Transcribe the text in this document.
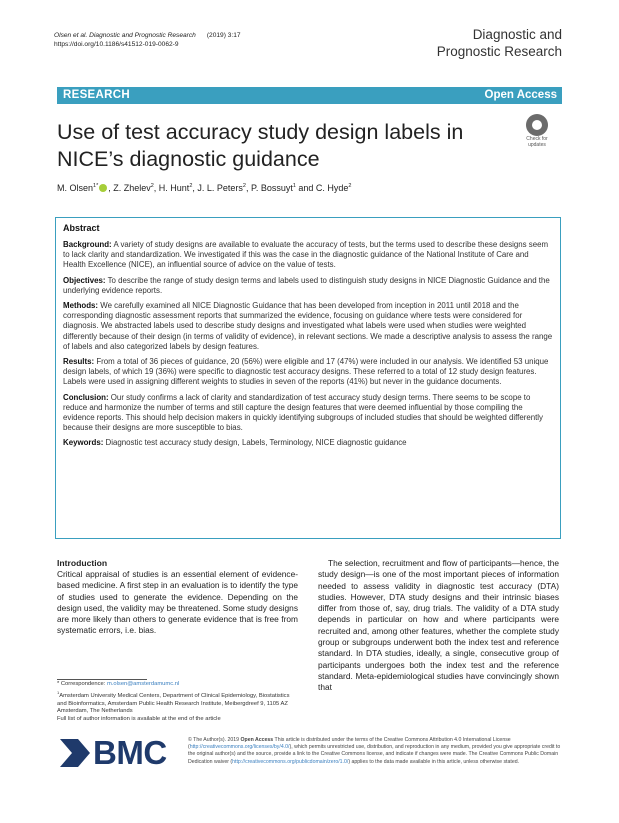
Olsen et al. Diagnostic and Prognostic Research (2019) 3:17
https://doi.org/10.1186/s41512-019-0062-9
Diagnostic and
Prognostic Research
RESEARCH	Open Access
Use of test accuracy study design labels in NICE’s diagnostic guidance
Check for
updates
M. Olsen$^{1*}$ , Z. Zhelev$^2$, H. Hunt$^2$, J. L. Peters$^2$, P. Bossuyt$^1$ and C. Hyde$^2$
Abstract

Background: A variety of study designs are available to evaluate the accuracy of tests, but the terms used to describe these designs seem to lack clarity and standardization. We investigated if this was the case in the diagnostic guidance of the National Institute of Care and Health Excellence (NICE), an influential source of advice on the value of tests.

Objectives: To describe the range of study design terms and labels used to distinguish study designs in NICE Diagnostic Guidance and the underlying evidence reports.

Methods: We carefully examined all NICE Diagnostic Guidance that has been developed from inception in 2011 until 2018 and the corresponding diagnostic assessment reports that summarized the evidence, focusing on guidance where tests were considered for diagnosis. We abstracted labels used to describe study designs and investigated what labels were used when studies were weighted differently because of their design (in terms of validity of evidence), in relevant sections. We made a descriptive analysis to assess the range of labels and also categorized labels by design features.

Results: From a total of 36 pieces of guidance, 20 (56%) were eligible and 17 (47%) were included in our analysis. We identified 53 unique design labels, of which 19 (36%) were specific to diagnostic test accuracy designs. These referred to a total of 12 study design features. Labels were used in assigning different weights to studies in seven of the reports (41%) but never in the guidance documents.

Conclusion: Our study confirms a lack of clarity and standardization of test accuracy study design terms. There seems to be scope to reduce and harmonize the number of terms and still capture the design features that were deemed influential by those compiling the evidence reports. This should help decision makers in quickly identifying subgroups of included studies that should be weighted differently because their designs are more susceptible to bias.

Keywords: Diagnostic test accuracy study design, Labels, Terminology, NICE diagnostic guidance

Introduction

Critical appraisal of studies is an essential element of evidence-based medicine. A first step in an evaluation is to identify the type of studies used to generate the evidence. Depending on the design used, the validity may be threatened. Some study designs are more likely than others to generate evidence that is free from systematic errors, i.e. bias.

The selection, recruitment and flow of participants—hence, the study design—is one of the most important pieces of information needed to assess validity in diagnostic test accuracy (DTA) studies. However, DTA study designs and their intrinsic biases differ from those of, say, drug trials. The validity of a DTA study depends in particular on how and where participants were recruited and, among other features, whether the complete study group or subgroups underwent both the index test and reference standard. In DTA studies, ideally, a single, consecutive group of participants undergoes both the index test and the reference standard. Meta-epidemiological studies have convincingly shown that

* Correspondence: m.olsen@amsterdamumc.nl
$^1$Amsterdam University Medical Centers, Department of Clinical Epidemiology, Biostatistics and Bioinformatics, Amsterdam Public Health Research Institute, Meibergdreef 9, 1105 AZ Amsterdam, The Netherlands
Full list of author information is available at the end of the article
BMC	© The Author(s). 2019 Open Access This article is distributed under the terms of the Creative Commons Attribution 4.0 International License (http://creativecommons.org/licenses/by/4.0/), which permits unrestricted use, distribution, and reproduction in any medium, provided you give appropriate credit to the original author(s) and the source, provide a link to the Creative Commons license, and indicate if changes were made. The Creative Commons Public Domain Dedication waiver (http://creativecommons.org/publicdomain/zero/1.0/) applies to the data made available in this article, unless otherwise stated.
